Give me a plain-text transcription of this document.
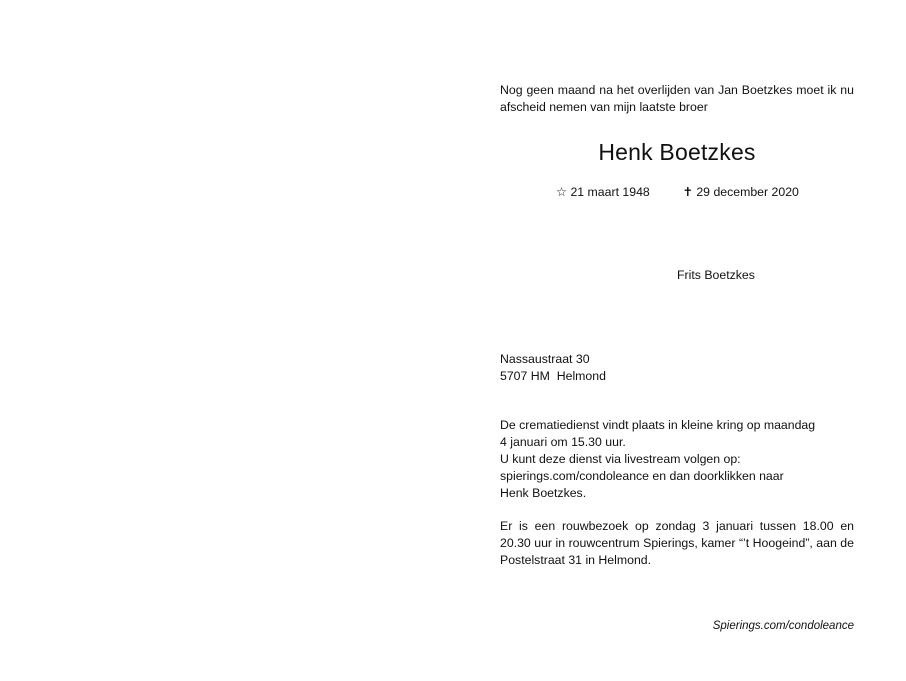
Nog geen maand na het overlijden van Jan Boetzkes moet ik nu afscheid nemen van mijn laatste broer
Henk Boetzkes
☆ 21 maart 1948	✝ 29 december 2020
Frits Boetzkes
Nassaustraat 30
5707 HM  Helmond
De crematiedienst vindt plaats in kleine kring op maandag
4 januari om 15.30 uur.
U kunt deze dienst via livestream volgen op:
spierings.com/condoleance en dan doorklikken naar
Henk Boetzkes.
Er is een rouwbezoek op zondag 3 januari tussen 18.00 en 20.30 uur in rouwcentrum Spierings, kamer “’t Hoogeind”, aan de Postelstraat 31 in Helmond.
Spierings.com/condoleance
